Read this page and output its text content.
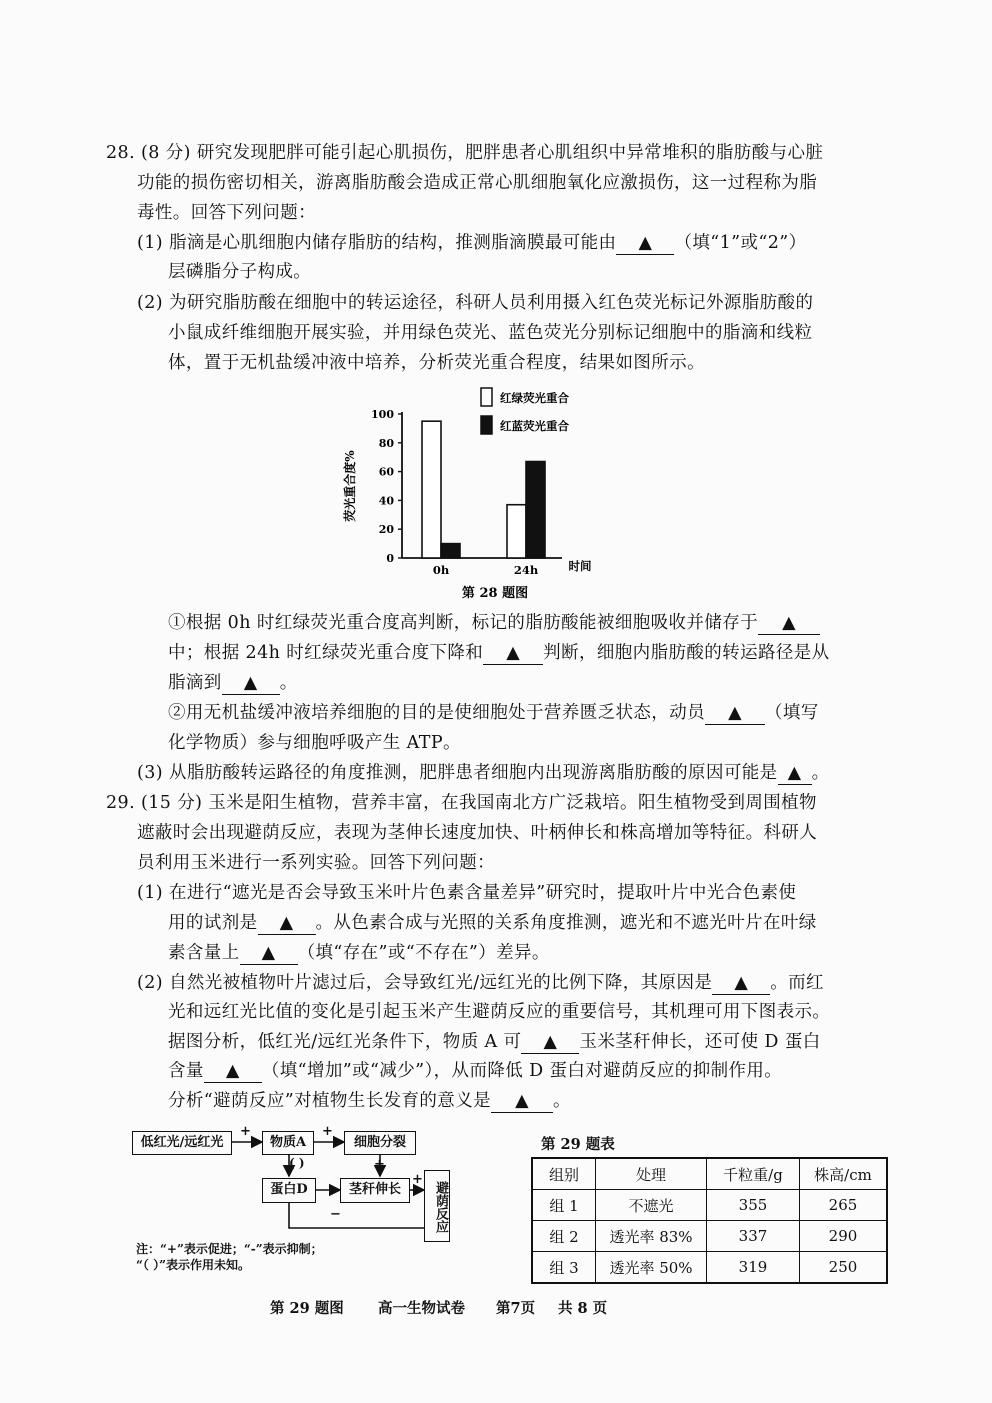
28. (8 分) 研究发现肥胖可能引起心肌损伤，肥胖患者心肌组织中异常堆积的脂肪酸与心脏
功能的损伤密切相关，游离脂肪酸会造成正常心肌细胞氧化应激损伤，这一过程称为脂
毒性。回答下列问题：
(1) 脂滴是心肌细胞内储存脂肪的结构，推测脂滴膜最可能由 ▲ （填“1”或“2”）
层磷脂分子构成。
(2) 为研究脂肪酸在细胞中的转运途径，科研人员利用摄入红色荧光标记外源脂肪酸的
小鼠成纤维细胞开展实验，并用绿色荧光、蓝色荧光分别标记细胞中的脂滴和线粒
体，置于无机盐缓冲液中培养，分析荧光重合程度，结果如图所示。
0
20
40
60
80
100
荧光重合度%
时间
0h	24h
第 28 题图
红绿荧光重合
红蓝荧光重合
①根据 0h 时红绿荧光重合度高判断，标记的脂肪酸能被细胞吸收并储存于 ▲
中；根据 24h 时红绿荧光重合度下降和 ▲ 判断，细胞内脂肪酸的转运路径是从
脂滴到 ▲ 。
②用无机盐缓冲液培养细胞的目的是使细胞处于营养匮乏状态，动员 ▲ （填写
化学物质）参与细胞呼吸产生 ATP。
(3) 从脂肪酸转运路径的角度推测，肥胖患者细胞内出现游离脂肪酸的原因可能是 ▲ 。
29. (15 分) 玉米是阳生植物，营养丰富，在我国南北方广泛栽培。阳生植物受到周围植物
遮蔽时会出现避荫反应，表现为茎伸长速度加快、叶柄伸长和株高增加等特征。科研人
员利用玉米进行一系列实验。回答下列问题：
(1) 在进行“遮光是否会导致玉米叶片色素含量差异”研究时，提取叶片中光合色素使
用的试剂是 ▲ 。从色素合成与光照的关系角度推测，遮光和不遮光叶片在叶绿
素含量上 ▲ （填“存在”或“不存在”）差异。
(2) 自然光被植物叶片滤过后，会导致红光/远红光的比例下降，其原因是 ▲ 。而红
光和远红光比值的变化是引起玉米产生避荫反应的重要信号，其机理可用下图表示。
据图分析，低红光/远红光条件下，物质 A 可 ▲ 玉米茎秆伸长，还可使 D 蛋白
含量 ▲ （填“增加”或“减少”），从而降低 D 蛋白对避荫反应的抑制作用。
分析“避荫反应”对植物生长发育的意义是 ▲ 。
低红光/远红光	物质A	细胞分裂
蛋白D	茎秆伸长	避荫反应
+	+
( )	+
+
−
注：“+”表示促进；“-”表示抑制；
“（ ）”表示作用未知。
第 29 题表
组别	处理	千粒重/g	株高/cm
组 1	不遮光	355	265
组 2	透光率 83%	337	290
组 3	透光率 50%	319	250
第 29 题图 高一生物试卷 第7页 共 8 页
